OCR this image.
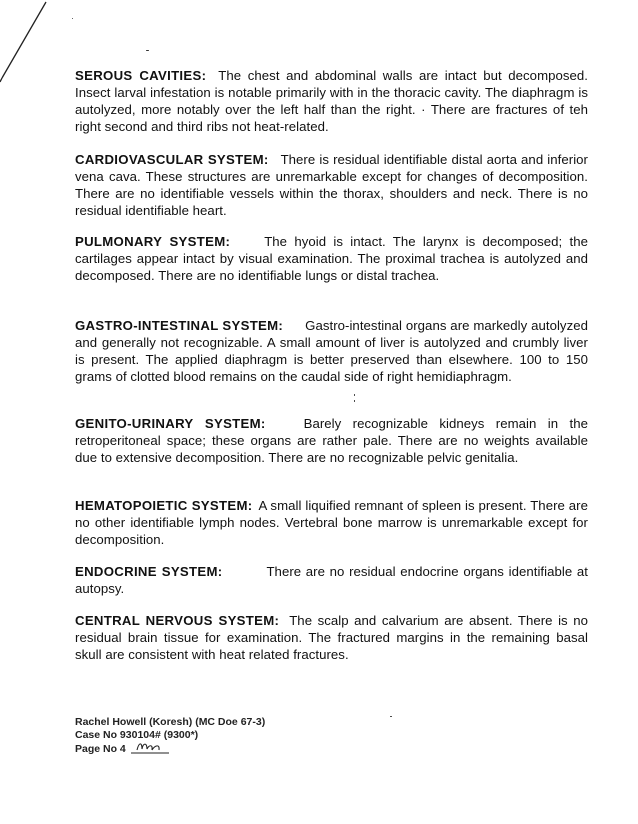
SEROUS CAVITIES: The chest and abdominal walls are intact but decomposed. Insect larval infestation is notable primarily with in the thoracic cavity. The diaphragm is autolyzed, more notably over the left half than the right. · There are fractures of teh right second and third ribs not heat-related.
CARDIOVASCULAR SYSTEM: There is residual identifiable distal aorta and inferior vena cava. These structures are unremarkable except for changes of decomposition. There are no identifiable vessels within the thorax, shoulders and neck. There is no residual identifiable heart.
PULMONARY SYSTEM:	The hyoid is intact. The larynx is decomposed; the cartilages appear intact by visual examination. The proximal trachea is autolyzed and decomposed. There are no identifiable lungs or distal trachea.
GASTRO-INTESTINAL SYSTEM: Gastro-intestinal organs are markedly autolyzed and generally not recognizable. A small amount of liver is autolyzed and crumbly liver is present. The applied diaphragm is better preserved than elsewhere. 100 to 150 grams of clotted blood remains on the caudal side of right hemidiaphragm.
GENITO-URINARY SYSTEM:	Barely recognizable kidneys remain in the retroperitoneal space; these organs are rather pale. There are no weights available due to extensive decomposition. There are no recognizable pelvic genitalia.
HEMATOPOIETIC SYSTEM: A small liquified remnant of spleen is present. There are no other identifiable lymph nodes. Vertebral bone marrow is unremarkable except for decomposition.
ENDOCRINE SYSTEM:	There are no residual endocrine organs identifiable at autopsy.
CENTRAL NERVOUS SYSTEM: The scalp and calvarium are absent. There is no residual brain tissue for examination. The fractured margins in the remaining basal skull are consistent with heat related fractures.
Rachel Howell (Koresh) (MC Doe 67-3)
Case No 930104# (9300*)
Page No 4
